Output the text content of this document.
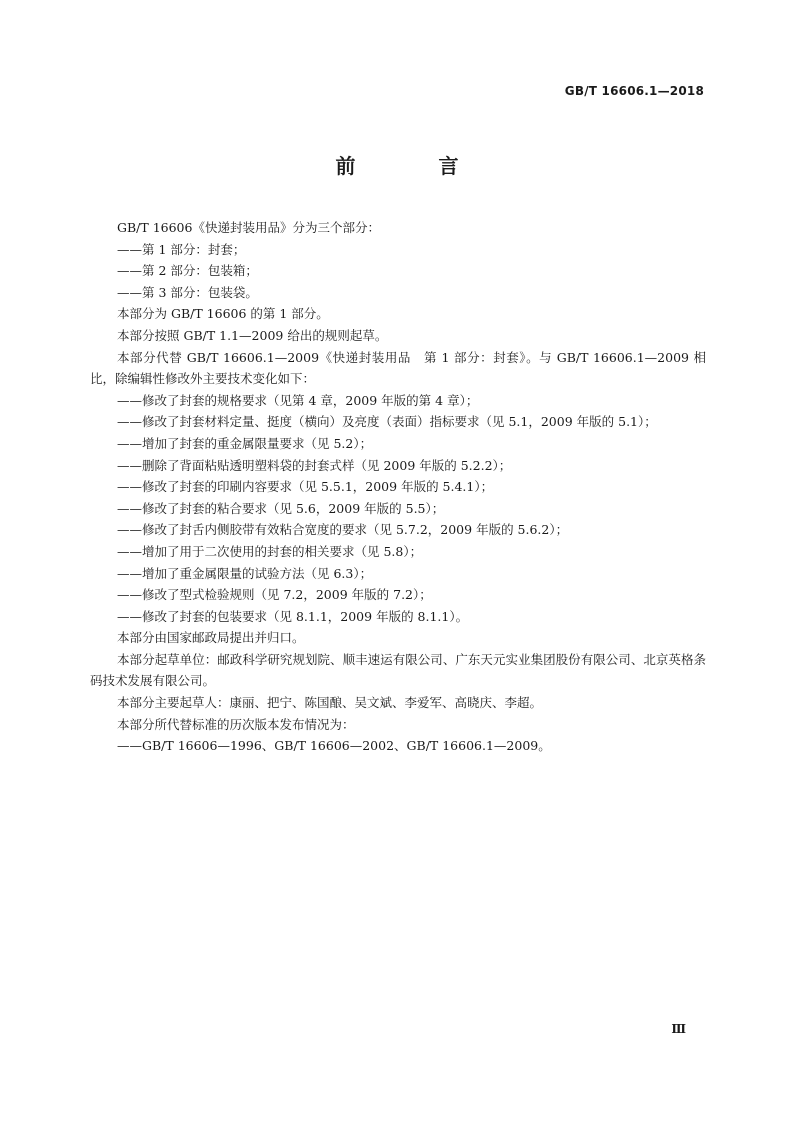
GB/T 16606.1—2018
前 言

GB/T 16606《快递封装用品》分为三个部分：

——第 1 部分：封套；

——第 2 部分：包装箱；

——第 3 部分：包装袋。

本部分为 GB/T 16606 的第 1 部分。

本部分按照 GB/T 1.1—2009 给出的规则起草。

本部分代替 GB/T 16606.1—2009《快递封装用品　第 1 部分：封套》。与 GB/T 16606.1—2009 相比，除编辑性修改外主要技术变化如下：

——修改了封套的规格要求（见第 4 章，2009 年版的第 4 章）；

——修改了封套材料定量、挺度（横向）及亮度（表面）指标要求（见 5.1，2009 年版的 5.1）；

——增加了封套的重金属限量要求（见 5.2）；

——删除了背面粘贴透明塑料袋的封套式样（见 2009 年版的 5.2.2）；

——修改了封套的印刷内容要求（见 5.5.1，2009 年版的 5.4.1）；

——修改了封套的粘合要求（见 5.6，2009 年版的 5.5）；

——修改了封舌内侧胶带有效粘合宽度的要求（见 5.7.2，2009 年版的 5.6.2）；

——增加了用于二次使用的封套的相关要求（见 5.8）；

——增加了重金属限量的试验方法（见 6.3）；

——修改了型式检验规则（见 7.2，2009 年版的 7.2）；

——修改了封套的包装要求（见 8.1.1，2009 年版的 8.1.1）。

本部分由国家邮政局提出并归口。

本部分起草单位：邮政科学研究规划院、顺丰速运有限公司、广东天元实业集团股份有限公司、北京英格条码技术发展有限公司。

本部分主要起草人：康丽、把宁、陈国酿、吴文斌、李爱军、高晓庆、李超。

本部分所代替标准的历次版本发布情况为：

——GB/T 16606—1996、GB/T 16606—2002、GB/T 16606.1—2009。

Ⅲ
